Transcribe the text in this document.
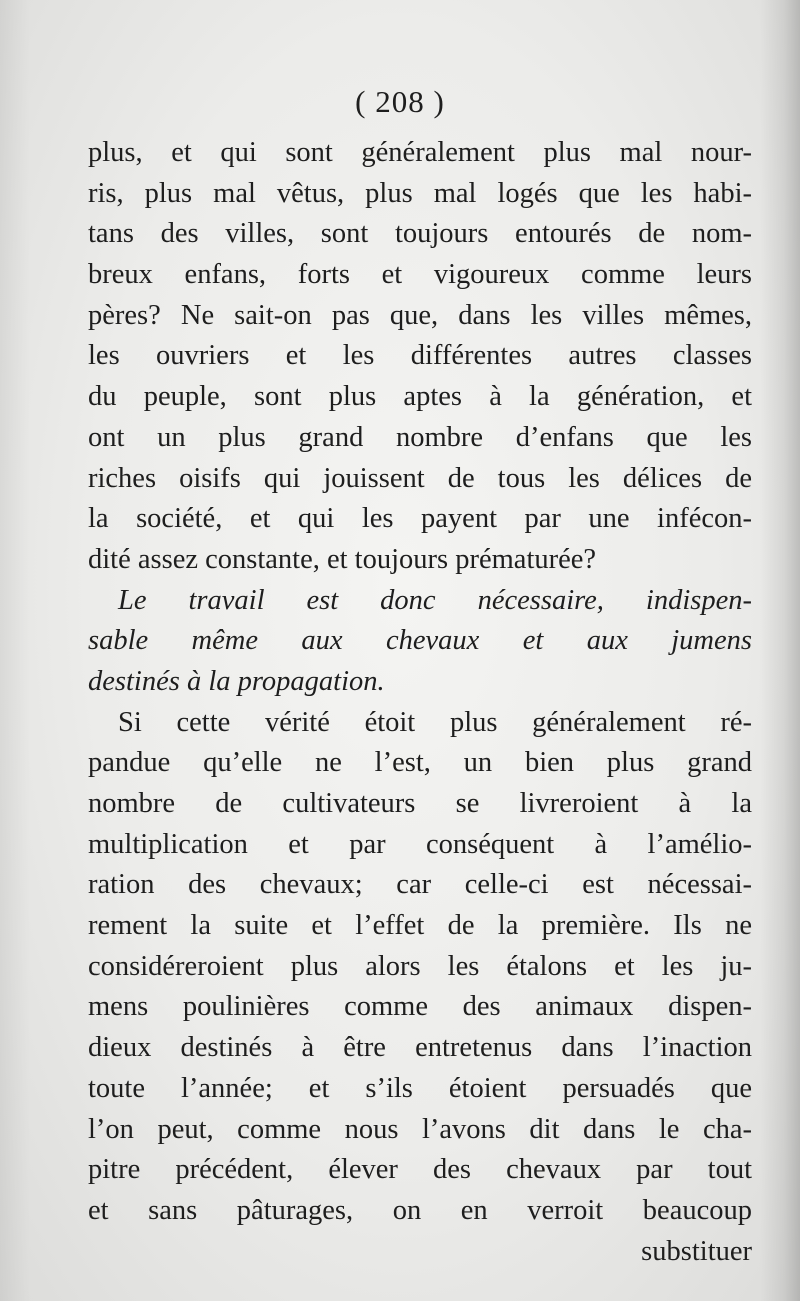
( 208 )
plus, et qui sont généralement plus mal nour-
ris, plus mal vêtus, plus mal logés que les habi-
tans des villes, sont toujours entourés de nom-
breux enfans, forts et vigoureux comme leurs
pères? Ne sait-on pas que, dans les villes mêmes,
les ouvriers et les différentes autres classes
du peuple, sont plus aptes à la génération, et
ont un plus grand nombre d’enfans que les
riches oisifs qui jouissent de tous les délices de
la société, et qui les payent par une infécon-
dité assez constante, et toujours prématurée?
Le travail est donc nécessaire, indispen-
sable même aux chevaux et aux jumens
destinés à la propagation.
Si cette vérité étoit plus généralement ré-
pandue qu’elle ne l’est, un bien plus grand
nombre de cultivateurs se livreroient à la
multiplication et par conséquent à l’amélio-
ration des chevaux; car celle-ci est nécessai-
rement la suite et l’effet de la première. Ils ne
considéreroient plus alors les étalons et les ju-
mens poulinières comme des animaux dispen-
dieux destinés à être entretenus dans l’inaction
toute l’année; et s’ils étoient persuadés que
l’on peut, comme nous l’avons dit dans le cha-
pitre précédent, élever des chevaux par tout
et sans pâturages, on en verroit beaucoup
substituer
